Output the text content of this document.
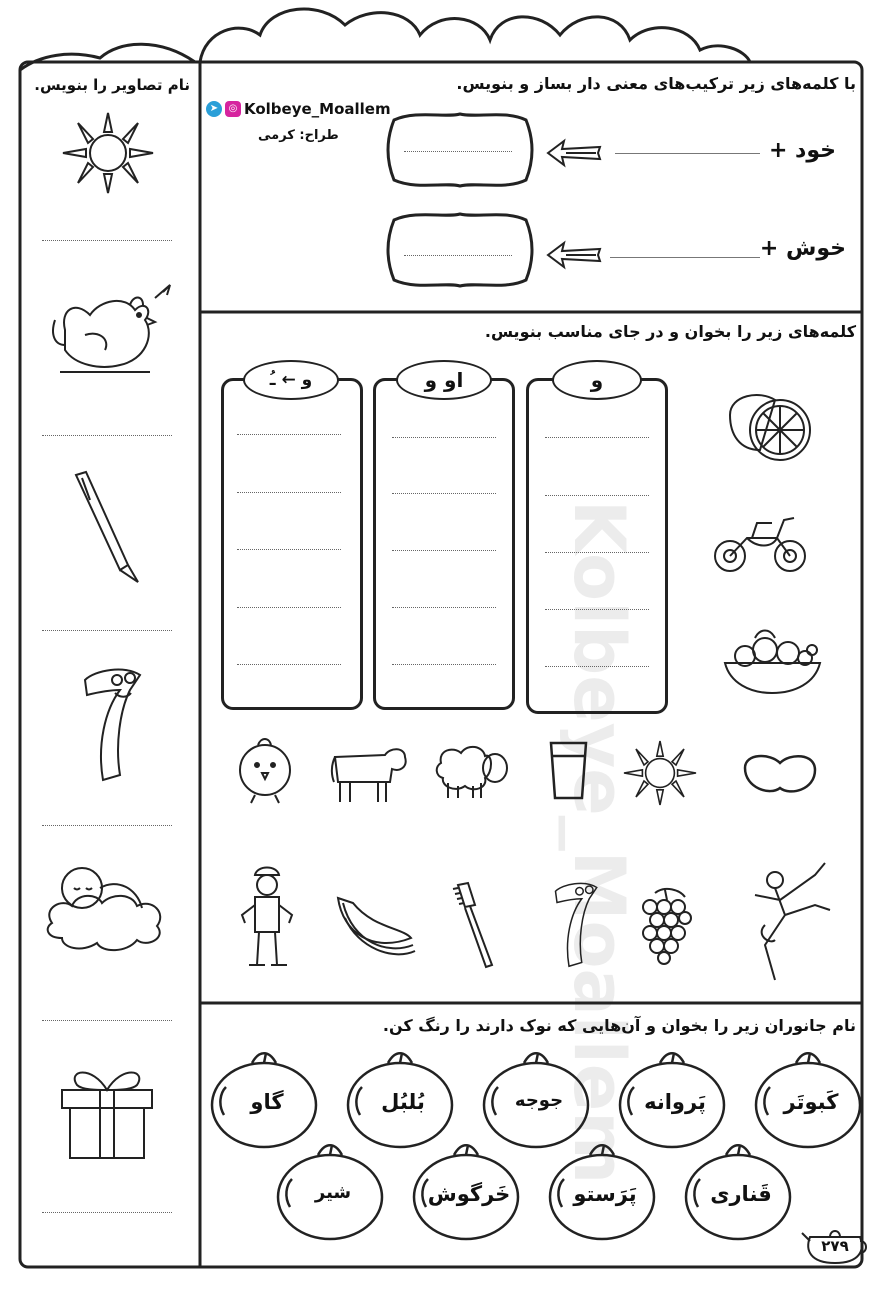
Kolbeye_Moallem
نام تصاویر را بنویس.	با کلمه‌های زیر ترکیب‌های معنی دار بساز و بنویس.
➤	◎ Kolbeye_Moallem
طراح: کرمی
خود +
خوش +
کلمه‌های زیر را بخوان و در جای مناسب بنویس.
و
او و
و ← ـُ
نام جانوران زیر را بخوان و آن‌هایی که نوک دارند را رنگ کن.
کَبوتَر
پَروانه
جوجه
بُلبُل
گاو
قَناری
پَرَستو
خَرگوش
شیر
۲۷۹
